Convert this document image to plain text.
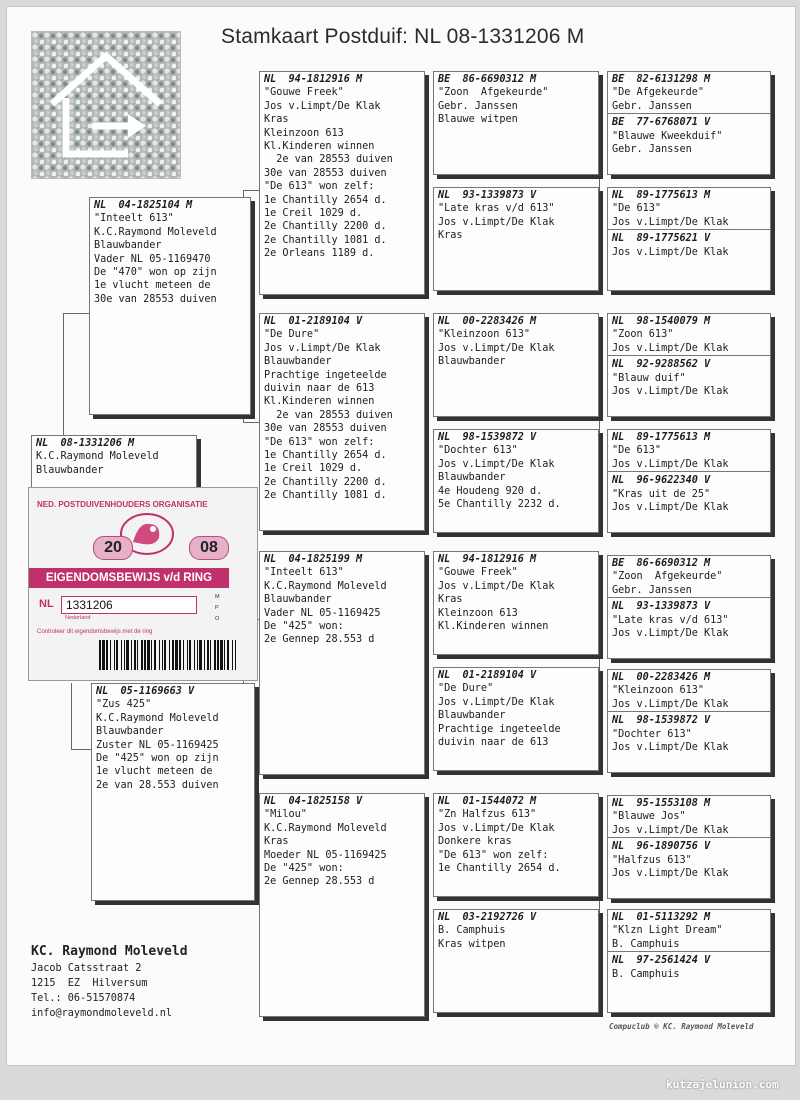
Stamkaart Postduif: NL 08-1331206 M
NL  08-1331206 M
K.C.Raymond Moleveld
Blauwbander
NL  04-1825104 M
"Inteelt 613"
K.C.Raymond Moleveld
Blauwbander
Vader NL 05-1169470
De "470" won op zijn
1e vlucht meteen de
30e van 28553 duiven
NL  05-1169663 V
"Zus 425"
K.C.Raymond Moleveld
Blauwbander
Zuster NL 05-1169425
De "425" won op zijn
1e vlucht meteen de
2e van 28.553 duiven
NL  94-1812916 M
"Gouwe Freek"
Jos v.Limpt/De Klak
Kras
Kleinzoon 613
Kl.Kinderen winnen
2e van 28553 duiven
30e van 28553 duiven
"De 613" won zelf:
1e Chantilly 2654 d.
1e Creil 1029 d.
2e Chantilly 2200 d.
2e Chantilly 1081 d.
2e Orleans 1189 d.
NL  01-2189104 V
"De Dure"
Jos v.Limpt/De Klak
Blauwbander
Prachtige ingeteelde
duivin naar de 613
Kl.Kinderen winnen
2e van 28553 duiven
30e van 28553 duiven
"De 613" won zelf:
1e Chantilly 2654 d.
1e Creil 1029 d.
2e Chantilly 2200 d.
2e Chantilly 1081 d.
NL  04-1825199 M
"Inteelt 613"
K.C.Raymond Moleveld
Blauwbander
Vader NL 05-1169425
De "425" won:
2e Gennep 28.553 d
NL  04-1825158 V
"Milou"
K.C.Raymond Moleveld
Kras
Moeder NL 05-1169425
De "425" won:
2e Gennep 28.553 d
BE  86-6690312 M
"Zoon  Afgekeurde"
Gebr. Janssen
Blauwe witpen
NL  93-1339873 V
"Late kras v/d 613"
Jos v.Limpt/De Klak
Kras
NL  00-2283426 M
"Kleinzoon 613"
Jos v.Limpt/De Klak
Blauwbander
NL  98-1539872 V
"Dochter 613"
Jos v.Limpt/De Klak
Blauwbander
4e Houdeng 920 d.
5e Chantilly 2232 d.
NL  94-1812916 M
"Gouwe Freek"
Jos v.Limpt/De Klak
Kras
Kleinzoon 613
Kl.Kinderen winnen
NL  01-2189104 V
"De Dure"
Jos v.Limpt/De Klak
Blauwbander
Prachtige ingeteelde
duivin naar de 613
NL  01-1544072 M
"Zn Halfzus 613"
Jos v.Limpt/De Klak
Donkere kras
"De 613" won zelf:
1e Chantilly 2654 d.
NL  03-2192726 V
B. Camphuis
Kras witpen
BE  82-6131298 M
"De Afgekeurde"
Gebr. Janssen
BE  77-6768071 V
"Blauwe Kweekduif"
Gebr. Janssen
NL  89-1775613 M
"De 613"
Jos v.Limpt/De Klak
NL  89-1775621 V
Jos v.Limpt/De Klak
NL  98-1540079 M
"Zoon 613"
Jos v.Limpt/De Klak
NL  92-9288562 V
"Blauw duif"
Jos v.Limpt/De Klak
NL  89-1775613 M
"De 613"
Jos v.Limpt/De Klak
NL  96-9622340 V
"Kras uit de 25"
Jos v.Limpt/De Klak
BE  86-6690312 M
"Zoon  Afgekeurde"
Gebr. Janssen
NL  93-1339873 V
"Late kras v/d 613"
Jos v.Limpt/De Klak
NL  00-2283426 M
"Kleinzoon 613"
Jos v.Limpt/De Klak
NL  98-1539872 V
"Dochter 613"
Jos v.Limpt/De Klak
NL  95-1553108 M
"Blauwe Jos"
Jos v.Limpt/De Klak
NL  96-1890756 V
"Halfzus 613"
Jos v.Limpt/De Klak
NL  01-5113292 M
"Klzn Light Dream"
B. Camphuis
NL  97-2561424 V
B. Camphuis
KC. Raymond Moleveld
Jacob Catsstraat 2
1215  EZ  Hilversum
Tel.: 06-51570874
info@raymondmoleveld.nl
Compuclub ® KC. Raymond Moleveld
NED. POSTDUIVENHOUDERS ORGANISATIE
20	08
EIGENDOMSBEWIJS v/d RING
NL	1331206
Nederland
M
P
O
Controleer dit eigendomsbewijs met de ring
kutzajelunion.com
